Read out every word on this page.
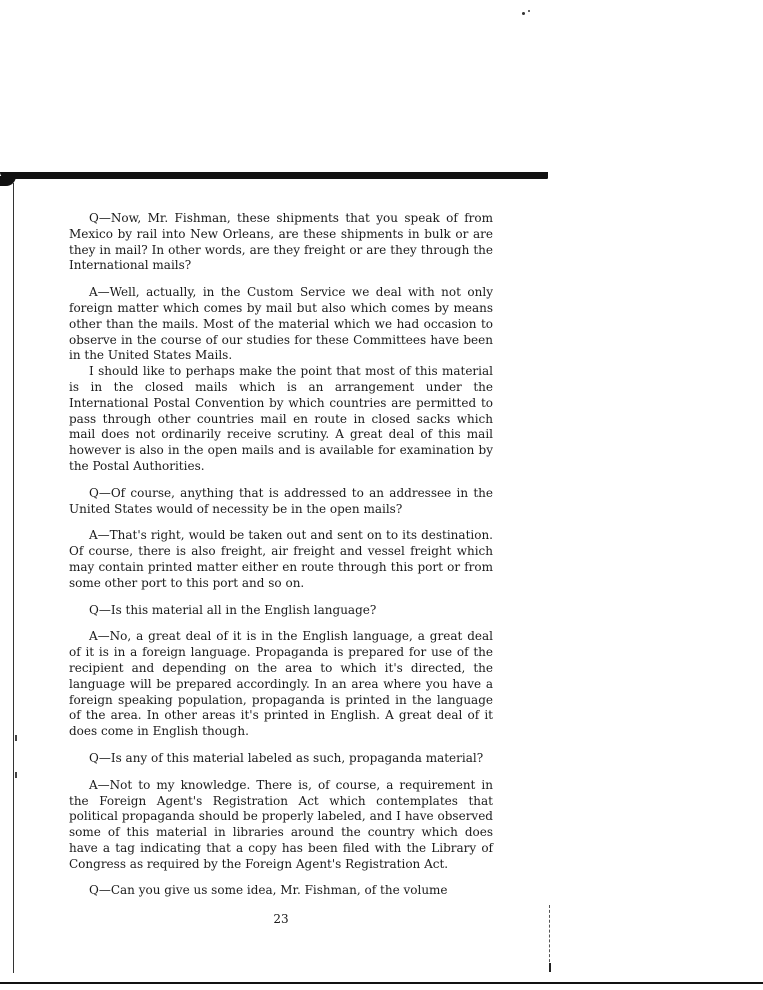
Q—Now, Mr. Fishman, these shipments that you speak of from Mexico by rail into New Orleans, are these shipments in bulk or are they in mail? In other words, are they freight or are they through the International mails?

A—Well, actually, in the Custom Service we deal with not only foreign matter which comes by mail but also which comes by means other than the mails. Most of the material which we had occasion to observe in the course of our studies for these Committees have been in the United States Mails.

I should like to perhaps make the point that most of this material is in the closed mails which is an arrangement under the International Postal Convention by which countries are permitted to pass through other countries mail en route in closed sacks which mail does not ordinarily receive scrutiny. A great deal of this mail however is also in the open mails and is available for examination by the Postal Authorities.

Q—Of course, anything that is addressed to an addressee in the United States would of necessity be in the open mails?

A—That's right, would be taken out and sent on to its destination. Of course, there is also freight, air freight and vessel freight which may contain printed matter either en route through this port or from some other port to this port and so on.

Q—Is this material all in the English language?

A—No, a great deal of it is in the English language, a great deal of it is in a foreign language. Propaganda is prepared for use of the recipient and depending on the area to which it's directed, the language will be prepared accordingly. In an area where you have a foreign speaking population, propaganda is printed in the language of the area. In other areas it's printed in English. A great deal of it does come in English though.

Q—Is any of this material labeled as such, propaganda material?

A—Not to my knowledge. There is, of course, a requirement in the Foreign Agent's Registration Act which contemplates that political propaganda should be properly labeled, and I have observed some of this material in libraries around the country which does have a tag indicating that a copy has been filed with the Library of Congress as required by the Foreign Agent's Registration Act.

Q—Can you give us some idea, Mr. Fishman, of the volume

23
